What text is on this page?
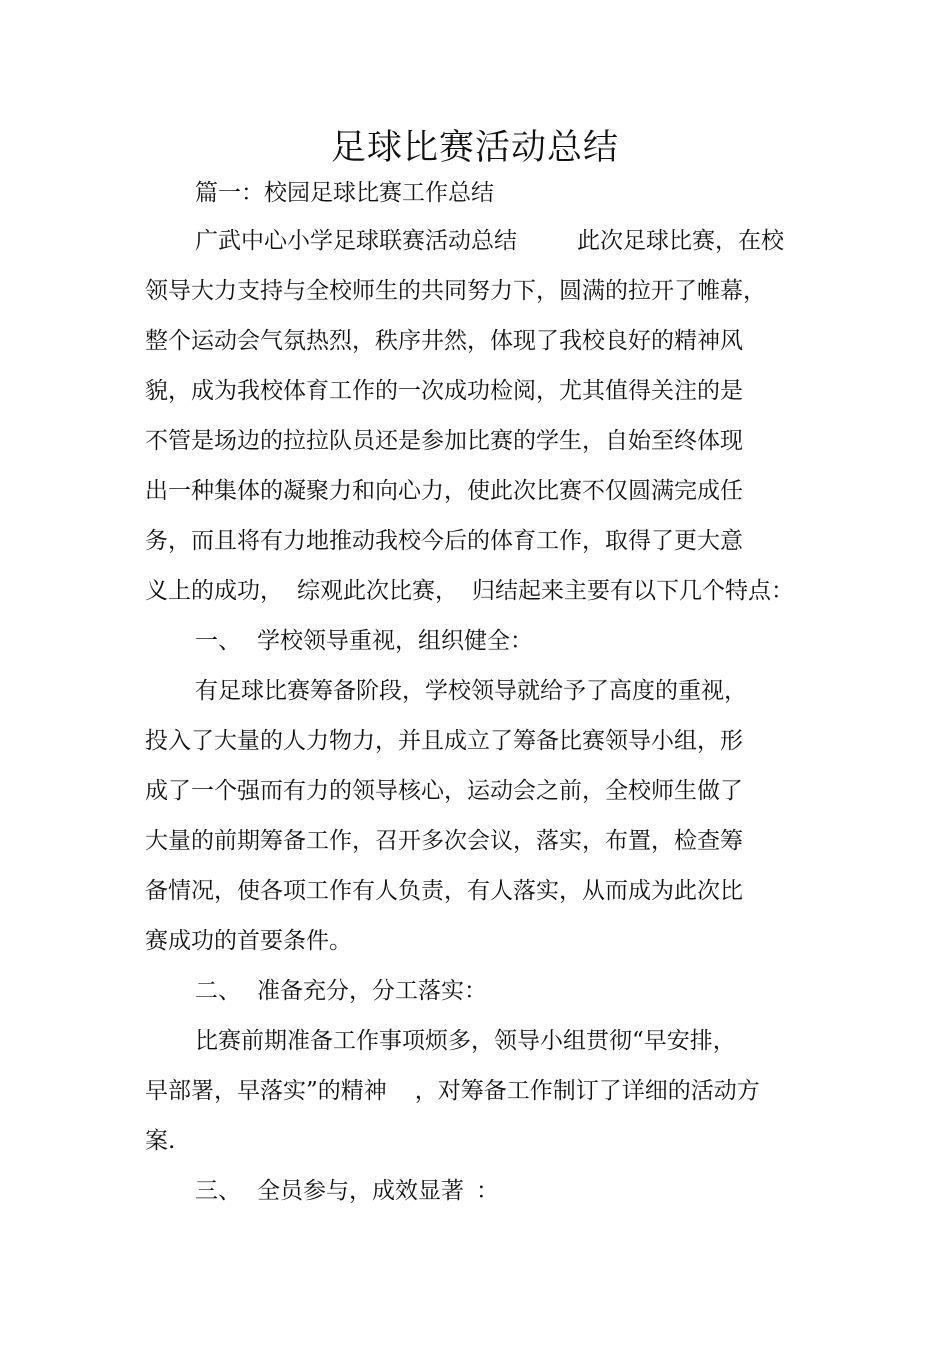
足球比赛活动总结
篇一：校园足球比赛工作总结
广武中心小学足球联赛活动总结	此次足球比赛，在校
领导大力支持与全校师生的共同努力下，圆满的拉开了帷幕，
整个运动会气氛热烈，秩序井然，体现了我校良好的精神风
貌，成为我校体育工作的一次成功检阅，尤其值得关注的是
不管是场边的拉拉队员还是参加比赛的学生，自始至终体现
出一种集体的凝聚力和向心力，使此次比赛不仅圆满完成任
务，而且将有力地推动我校今后的体育工作，取得了更大意
义上的成功， 综观此次比赛， 归结起来主要有以下几个特点：
一、 学校领导重视，组织健全：
有足球比赛筹备阶段，学校领导就给予了高度的重视，
投入了大量的人力物力，并且成立了筹备比赛领导小组，形
成了一个强而有力的领导核心，运动会之前，全校师生做了
大量的前期筹备工作，召开多次会议，落实，布置，检查筹
备情况，使各项工作有人负责，有人落实，从而成为此次比
赛成功的首要条件。
二、 准备充分，分工落实：
比赛前期准备工作事项烦多，领导小组贯彻“早安排，
早部署，早落实”的精神 ，对筹备工作制订了详细的活动方
案.
三、 全员参与，成效显著 ：
